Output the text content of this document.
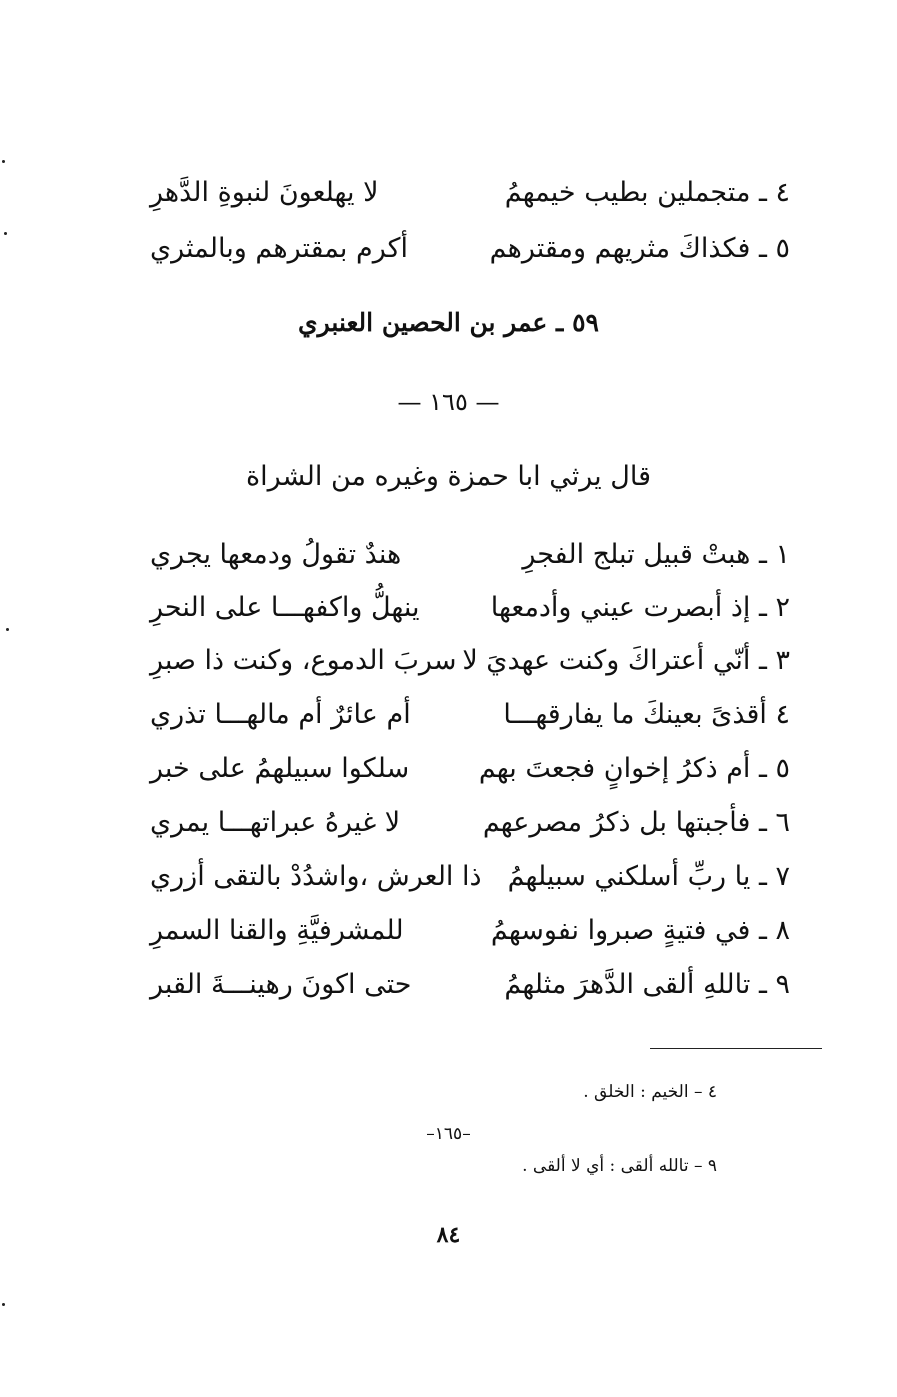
٤ ـ متجملين بطيب خيمهمُ
لا يهلعونَ لنبوةِ الدَّهرِ
٥ ـ فكذاكَ مثريهم ومقترهم
أكرم بمقترهم وبالمثري
٥٩ ـ عمر بن الحصين العنبري
— ١٦٥ —
قال يرثي ابا حمزة وغيره من الشراة
١ ـ هبتْ قبيل تبلج الفجرِ
هندٌ تقولُ ودمعها يجري
٢ ـ إذ أبصرت عيني وأدمعها
ينهلُّ واكفهـــا على النحرِ
٣ ـ أنّي أعتراكَ وكنت عهديَ لا
سربَ الدموع، وكنت ذا صبرِ
٤ أقذىً بعينكَ ما يفارقهـــا
أم عائرٌ أم مالهـــا تذري
٥ ـ أم ذكرُ إخوانٍ فجعتَ بهم
سلكوا سبيلهمُ على خبر
٦ ـ فأجبتها بل ذكرُ مصرعهم
لا غيرهُ عبراتهـــا يمري
٧ ـ يا ربِّ أسلكني سبيلهمُ
ذا العرش ،واشدُدْ بالتقى أزري
٨ ـ في فتيةٍ صبروا نفوسهمُ
للمشرفيَّةِ والقنا السمرِ
٩ ـ تاللهِ ألقى الدَّهرَ مثلهمُ
حتى اكونَ رهينـــةَ القبر
٤ – الخيم : الخلق .
–١٦٥–
٩ – تالله ألقى : أي لا ألقى .
٨٤
